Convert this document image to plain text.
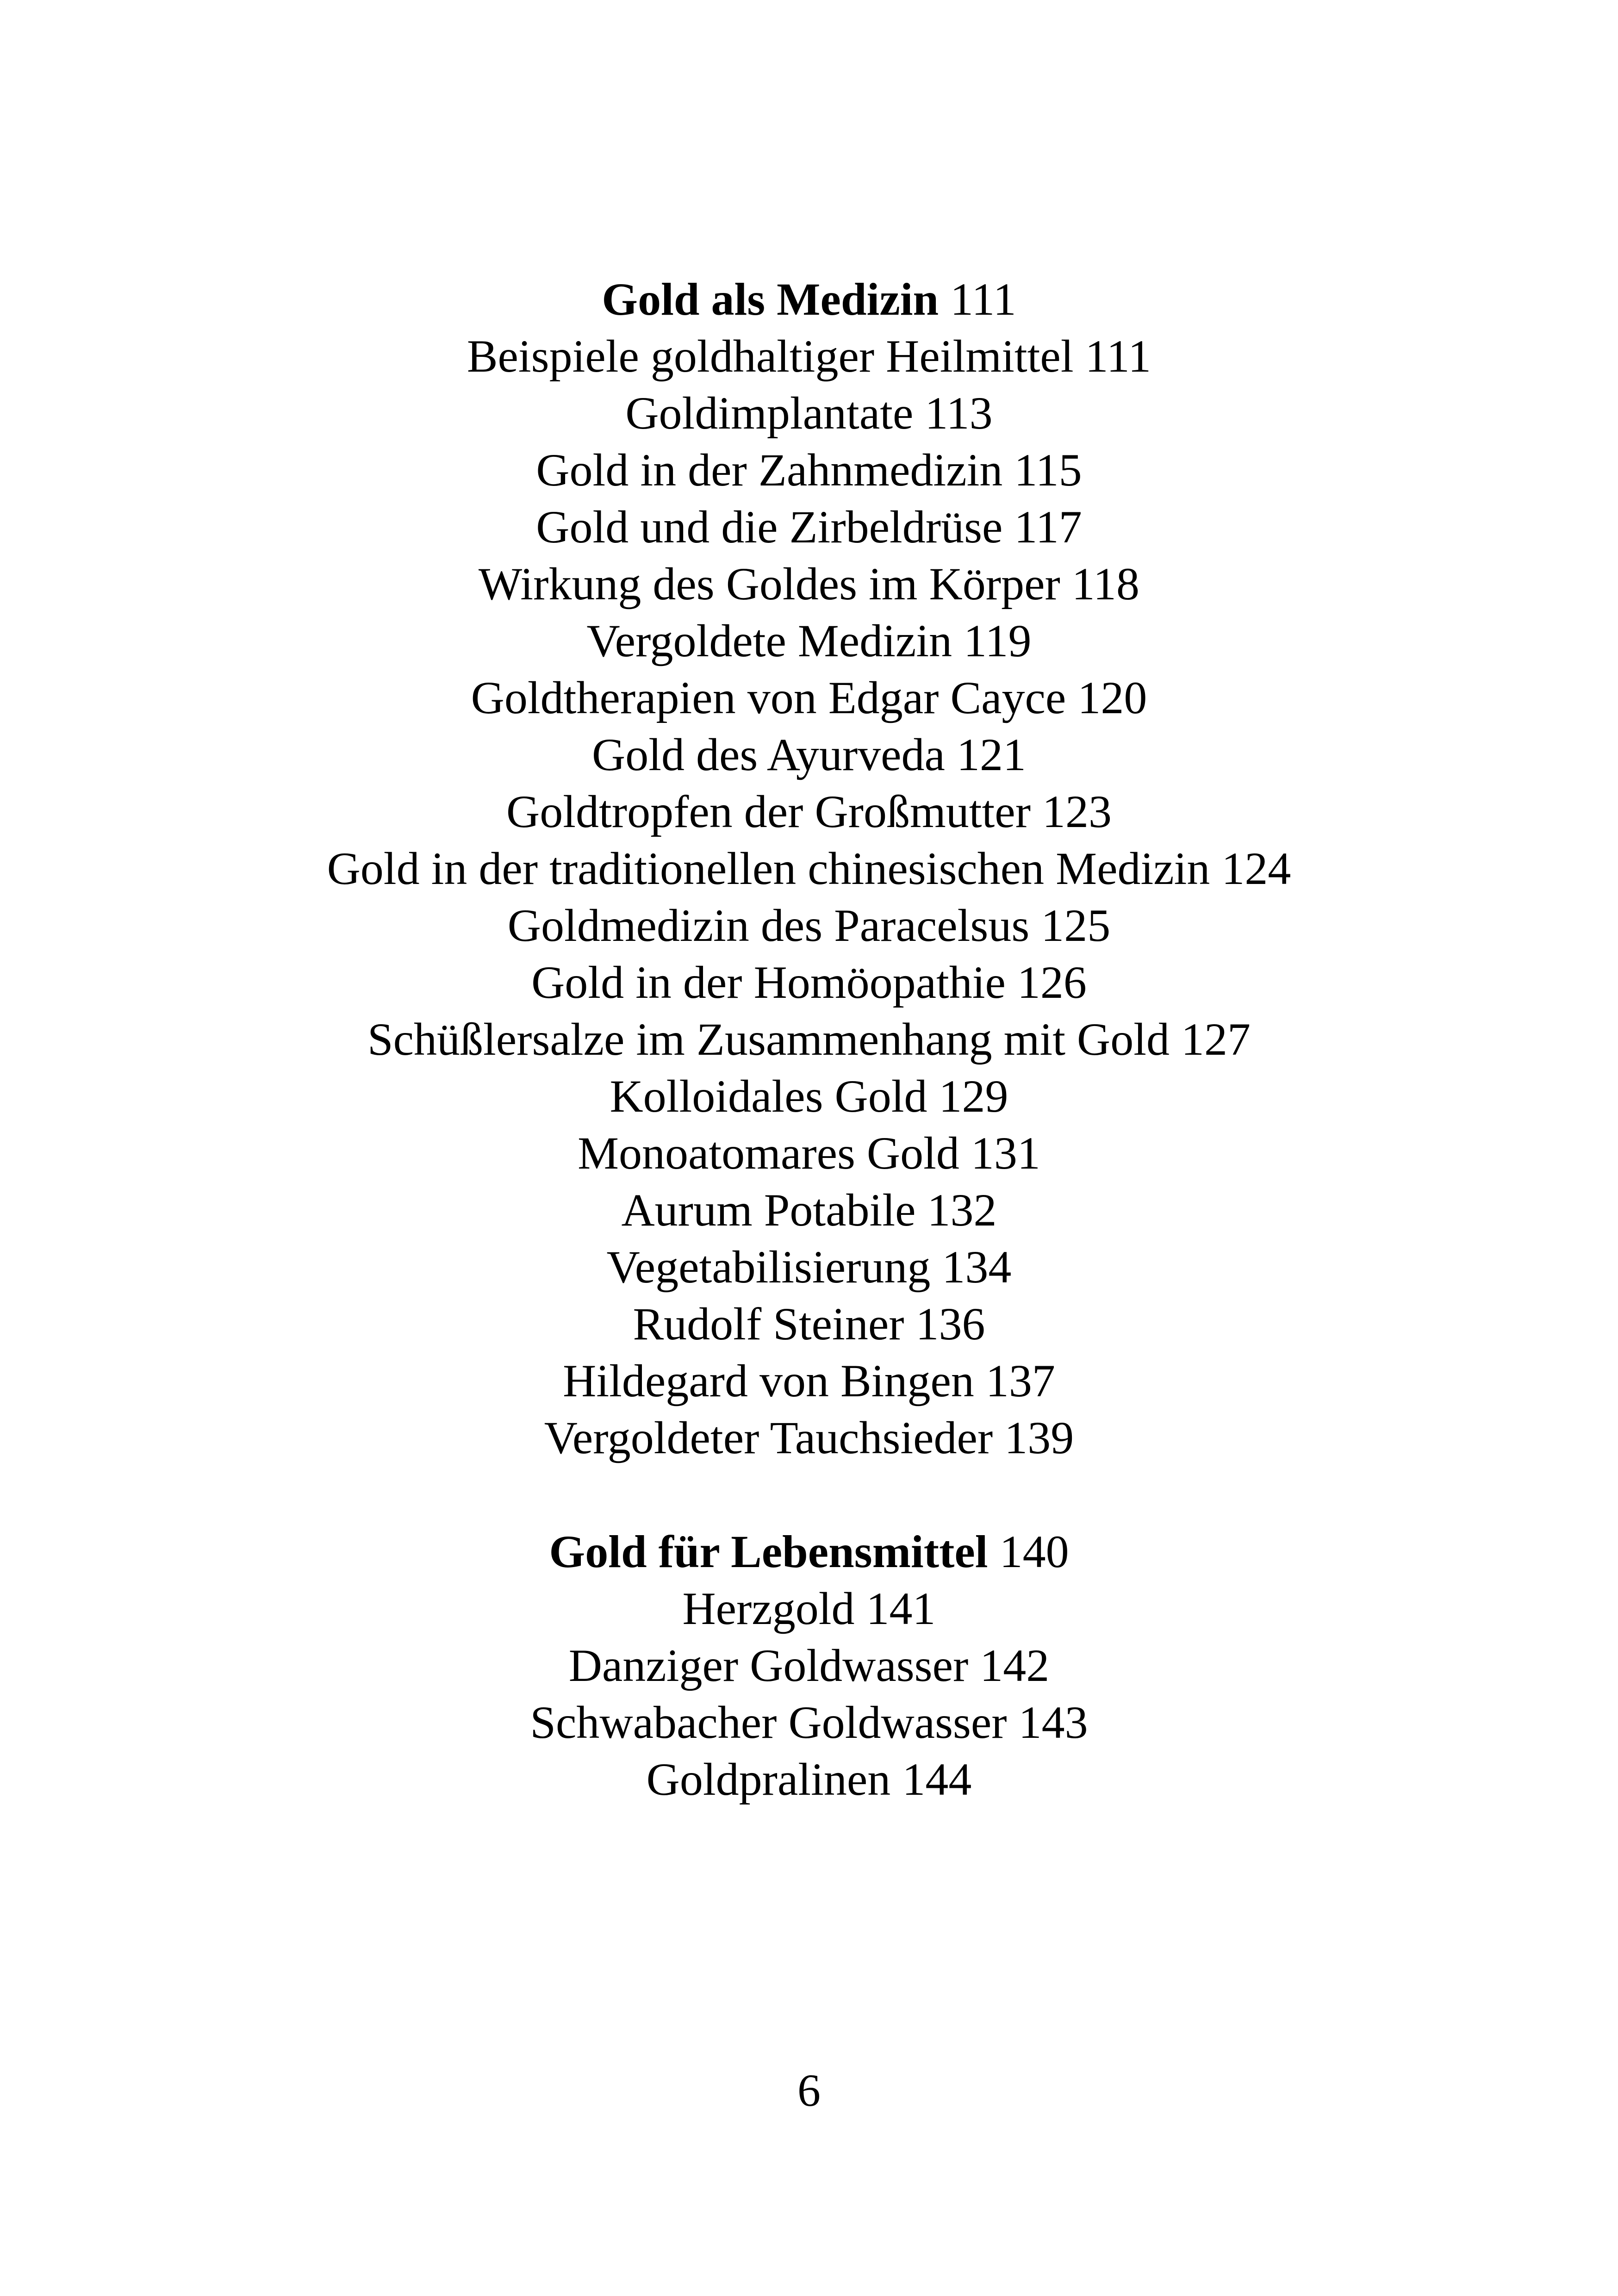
Gold als Medizin 111
Beispiele goldhaltiger Heilmittel 111
Goldimplantate 113
Gold in der Zahnmedizin 115
Gold und die Zirbeldrüse 117
Wirkung des Goldes im Körper 118
Vergoldete Medizin 119
Goldtherapien von Edgar Cayce 120
Gold des Ayurveda 121
Goldtropfen der Großmutter 123
Gold in der traditionellen chinesischen Medizin 124
Goldmedizin des Paracelsus 125
Gold in der Homöopathie 126
Schüßlersalze im Zusammenhang mit Gold 127
Kolloidales Gold 129
Monoatomares Gold 131
Aurum Potabile 132
Vegetabilisierung 134
Rudolf Steiner 136
Hildegard von Bingen 137
Vergoldeter Tauchsieder 139
Gold für Lebensmittel 140
Herzgold 141
Danziger Goldwasser 142
Schwabacher Goldwasser 143
Goldpralinen 144
6
